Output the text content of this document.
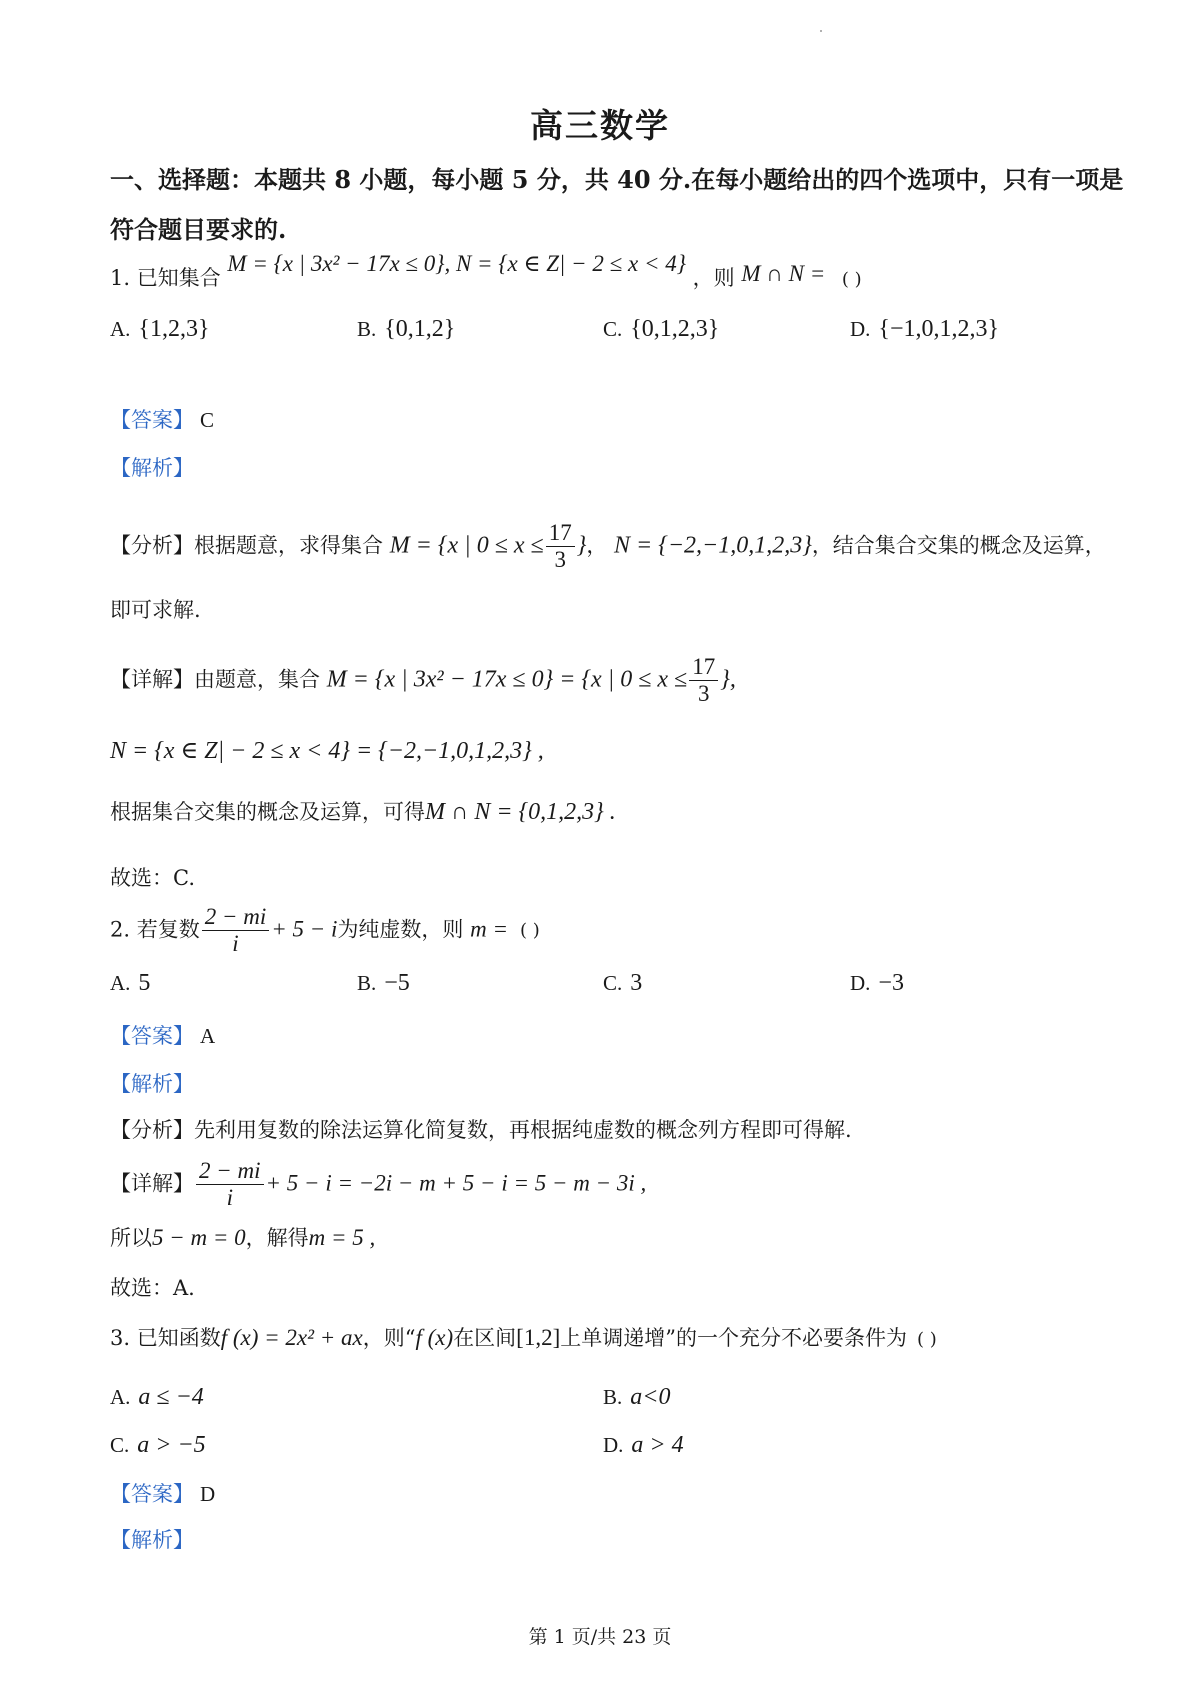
高三数学
一、选择题：本题共 8 小题，每小题 5 分，共 40 分.在每小题给出的四个选项中，只有一项是
符合题目要求的.
1. 已知集合 M = {x | 3x² − 17x ≤ 0}, N = {x ∈ Z| − 2 ≤ x < 4} ，则 M ∩ N = ( )
A. {1,2,3}	B. {0,1,2}	C. {0,1,2,3}	D. {−1,0,1,2,3}
【答案】 C
【解析】
【分析】根据题意，求得集合 M = {x | $0 \le x \le \frac{17}{3}$ }， N = {−2,−1,0,1,2,3}，结合集合交集的概念及运算，
即可求解.
【详解】由题意，集合 M = {x | 3x² − 17x ≤ 0} = {x | $0 \le x \le \frac{17}{3}$ },
N = {x ∈ Z| − 2 ≤ x < 4} = {−2,−1,0,1,2,3} ,
根据集合交集的概念及运算，可得M ∩ N = {0,1,2,3} .
故选：C.
2. 若复数 $\frac{2 - mi}{i} + 5 - i$为纯虚数，则 m = ( )
A. 5	B. −5	C. 3	D. −3
【答案】 A
【解析】
【分析】先利用复数的除法运算化简复数，再根据纯虚数的概念列方程即可得解.
【详解】 $\frac{2 - mi}{i} + 5 - i = -2i - m + 5 - i = 5 - m - 3i$ ,
所以5 − m = 0，解得m = 5 ,
故选：A.
3. 已知函数f (x) = 2x² + ax，则“f (x)在区间[1,2]上单调递增”的一个充分不必要条件为 ( )
A. a ≤ −4	B. a<0
C. a > −5	D. a > 4
【答案】 D
【解析】
第 1 页/共 23 页
